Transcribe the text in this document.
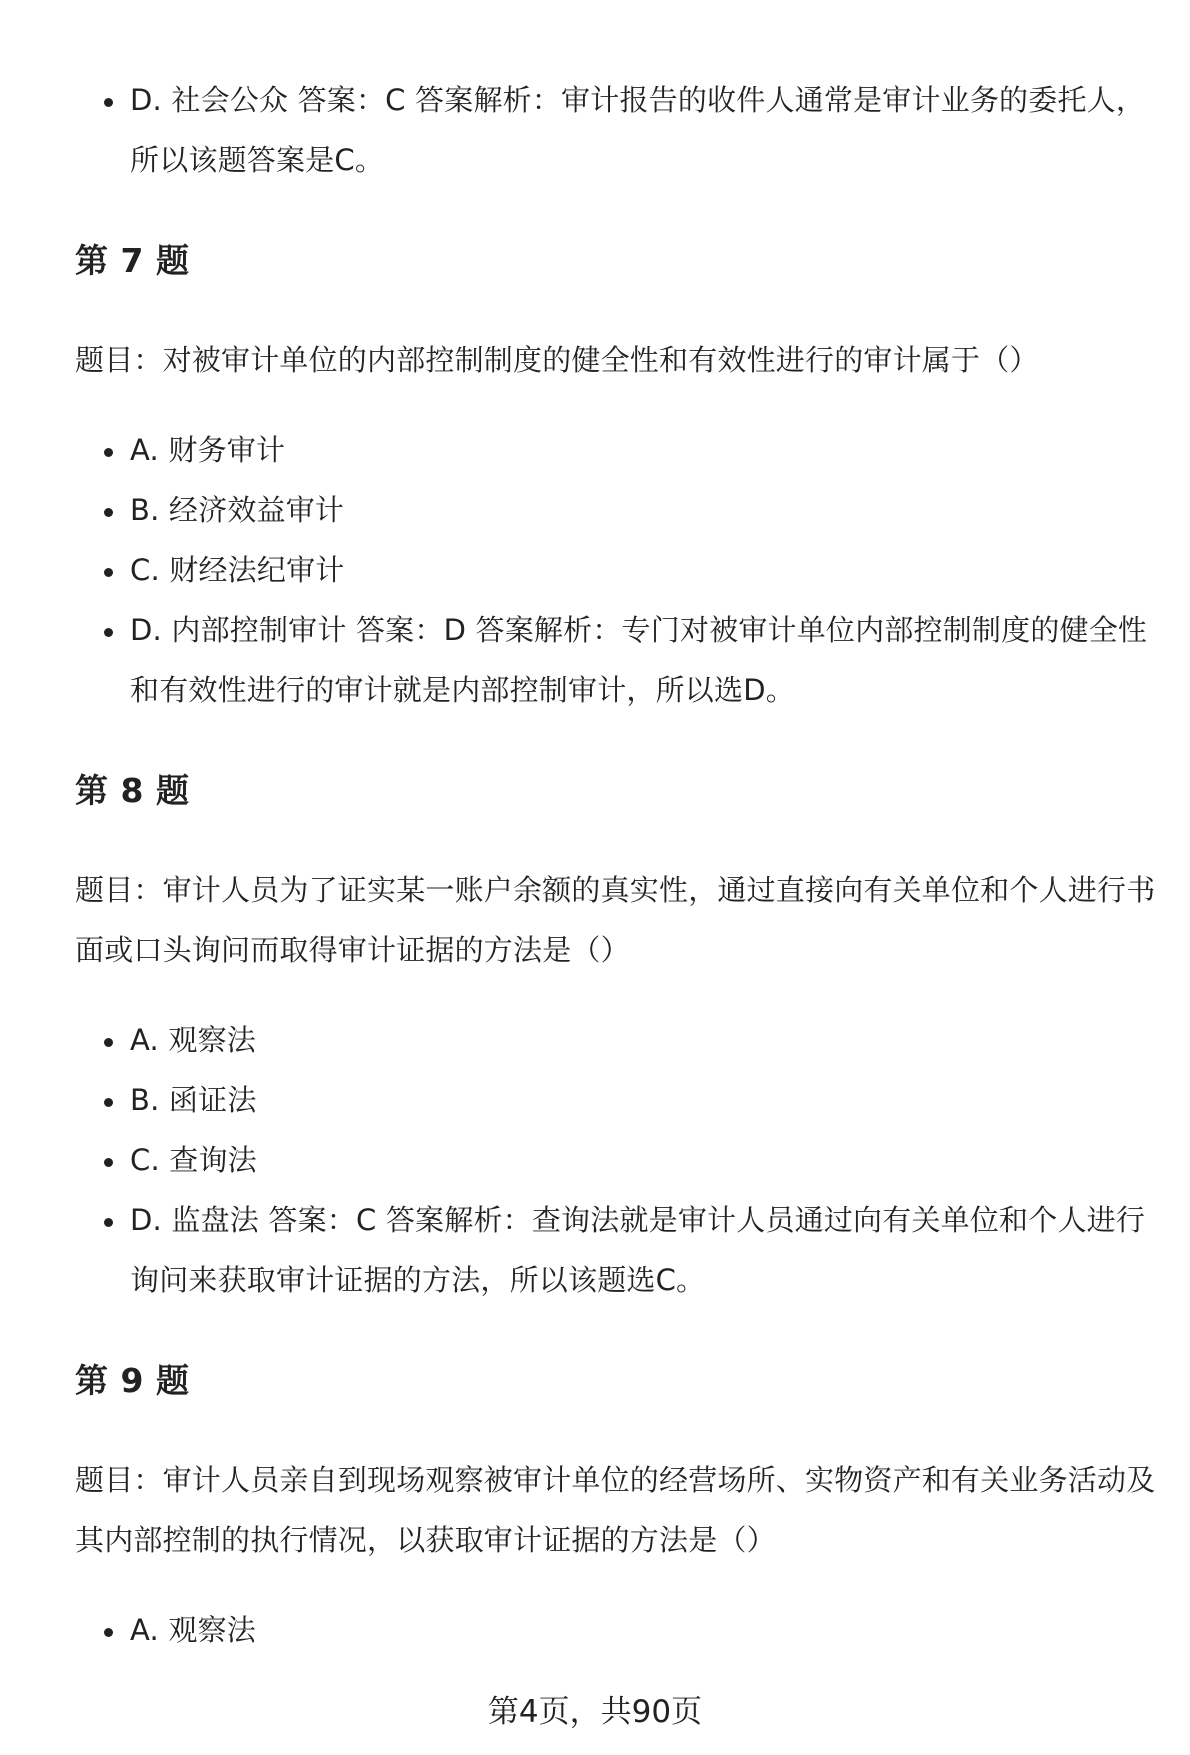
D. 社会公众 答案：C 答案解析：审计报告的收件人通常是审计业务的委托人，所以该题答案是C。
第 7 题

题目：对被审计单位的内部控制制度的健全性和有效性进行的审计属于（）

A. 财务审计
B. 经济效益审计
C. 财经法纪审计
D. 内部控制审计 答案：D 答案解析：专门对被审计单位内部控制制度的健全性和有效性进行的审计就是内部控制审计，所以选D。
第 8 题

题目：审计人员为了证实某一账户余额的真实性，通过直接向有关单位和个人进行书面或口头询问而取得审计证据的方法是（）

A. 观察法
B. 函证法
C. 查询法
D. 监盘法 答案：C 答案解析：查询法就是审计人员通过向有关单位和个人进行询问来获取审计证据的方法，所以该题选C。
第 9 题

题目：审计人员亲自到现场观察被审计单位的经营场所、实物资产和有关业务活动及其内部控制的执行情况，以获取审计证据的方法是（）

A. 观察法
第4页，共90页
